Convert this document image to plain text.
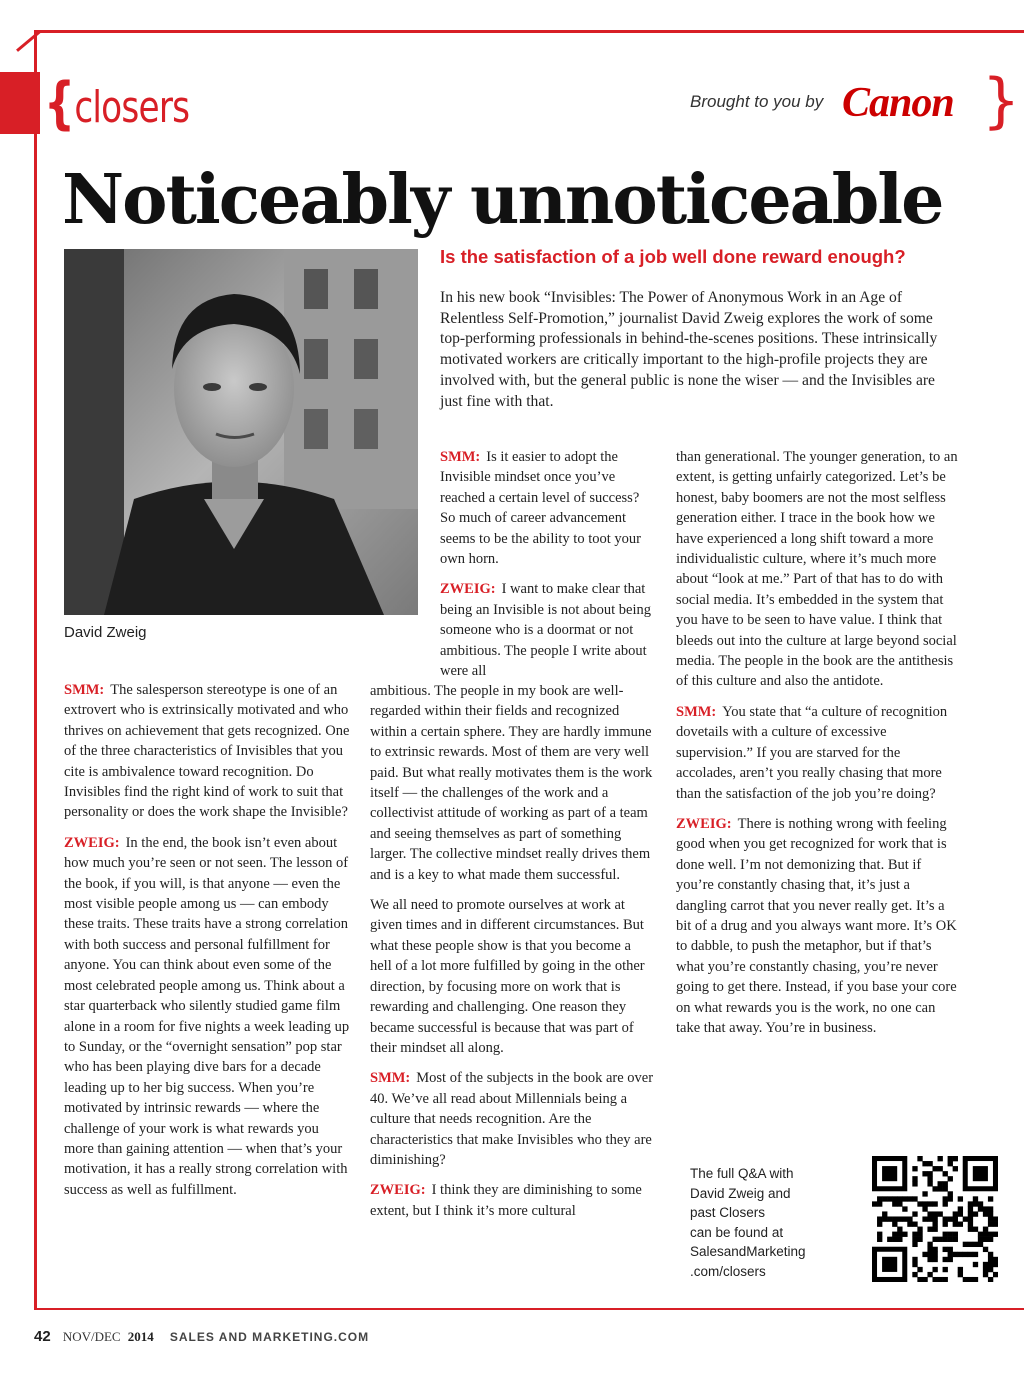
{closers	Brought to you by Canon }
Noticeably unnoticeable
David Zweig
Is the satisfaction of a job well done reward enough?

In his new book “Invisibles: The Power of Anonymous Work in an Age of Relentless Self-Promotion,” journalist David Zweig explores the work of some top-performing professionals in behind-the-scenes positions. These intrinsically motivated workers are critically important to the high-profile projects they are involved with, but the general public is none the wiser — and the Invisibles are just fine with that.

SMM: The salesperson stereotype is one of an extrovert who is extrinsically motivated and who thrives on achievement that gets recognized. One of the three characteristics of Invisibles that you cite is ambivalence toward recognition. Do Invisibles find the right kind of work to suit that personality or does the work shape the Invisible?

ZWEIG: In the end, the book isn’t even about how much you’re seen or not seen. The lesson of the book, if you will, is that anyone — even the most visible people among us — can embody these traits. These traits have a strong correlation with both success and personal fulfillment for anyone. You can think about even some of the most celebrated people among us. Think about a star quarterback who silently studied game film alone in a room for five nights a week leading up to Sunday, or the “overnight sensation” pop star who has been playing dive bars for a decade leading up to her big success. When you’re motivated by intrinsic rewards — where the challenge of your work is what rewards you more than gaining attention — when that’s your motivation, it has a really strong correlation with success as well as fulfillment.

SMM: Is it easier to adopt the Invisible mindset once you’ve reached a certain level of success? So much of career advancement seems to be the ability to toot your own horn.

ZWEIG: I want to make clear that being an Invisible is not about being someone who is a doormat or not ambitious. The people I write about were all

ambitious. The people in my book are well-regarded within their fields and recognized within a certain sphere. They are hardly immune to extrinsic rewards. Most of them are very well paid. But what really motivates them is the work itself — the challenges of the work and a collectivist attitude of working as part of a team and seeing themselves as part of something larger. The collective mindset really drives them and is a key to what made them successful.

We all need to promote ourselves at work at given times and in different circumstances. But what these people show is that you become a hell of a lot more fulfilled by going in the other direction, by focusing more on work that is rewarding and challenging. One reason they became successful is because that was part of their mindset all along.

SMM: Most of the subjects in the book are over 40. We’ve all read about Millennials being a culture that needs recognition. Are the characteristics that make Invisibles who they are diminishing?

ZWEIG: I think they are diminishing to some extent, but I think it’s more cultural

than generational. The younger generation, to an extent, is getting unfairly categorized. Let’s be honest, baby boomers are not the most selfless generation either. I trace in the book how we have experienced a long shift toward a more individualistic culture, where it’s much more about “look at me.” Part of that has to do with social media. It’s embedded in the system that you have to be seen to have value. I think that bleeds out into the culture at large beyond social media. The people in the book are the antithesis of this culture and also the antidote.

SMM: You state that “a culture of recognition dovetails with a culture of excessive supervision.” If you are starved for the accolades, aren’t you really chasing that more than the satisfaction of the job you’re doing?

ZWEIG: There is nothing wrong with feeling good when you get recognized for work that is done well. I’m not demonizing that. But if you’re constantly chasing that, it’s just a dangling carrot that you never really get. It’s a bit of a drug and you always want more. It’s OK to dabble, to push the metaphor, but if that’s what you’re constantly chasing, you’re never going to get there. Instead, if you base your core on what rewards you is the work, no one can take that away. You’re in business.

The full Q&A with
David Zweig and
past Closers
can be found at
SalesandMarketing
.com/closers
42 NOV/DEC 2014 SALES AND MARKETING.COM
